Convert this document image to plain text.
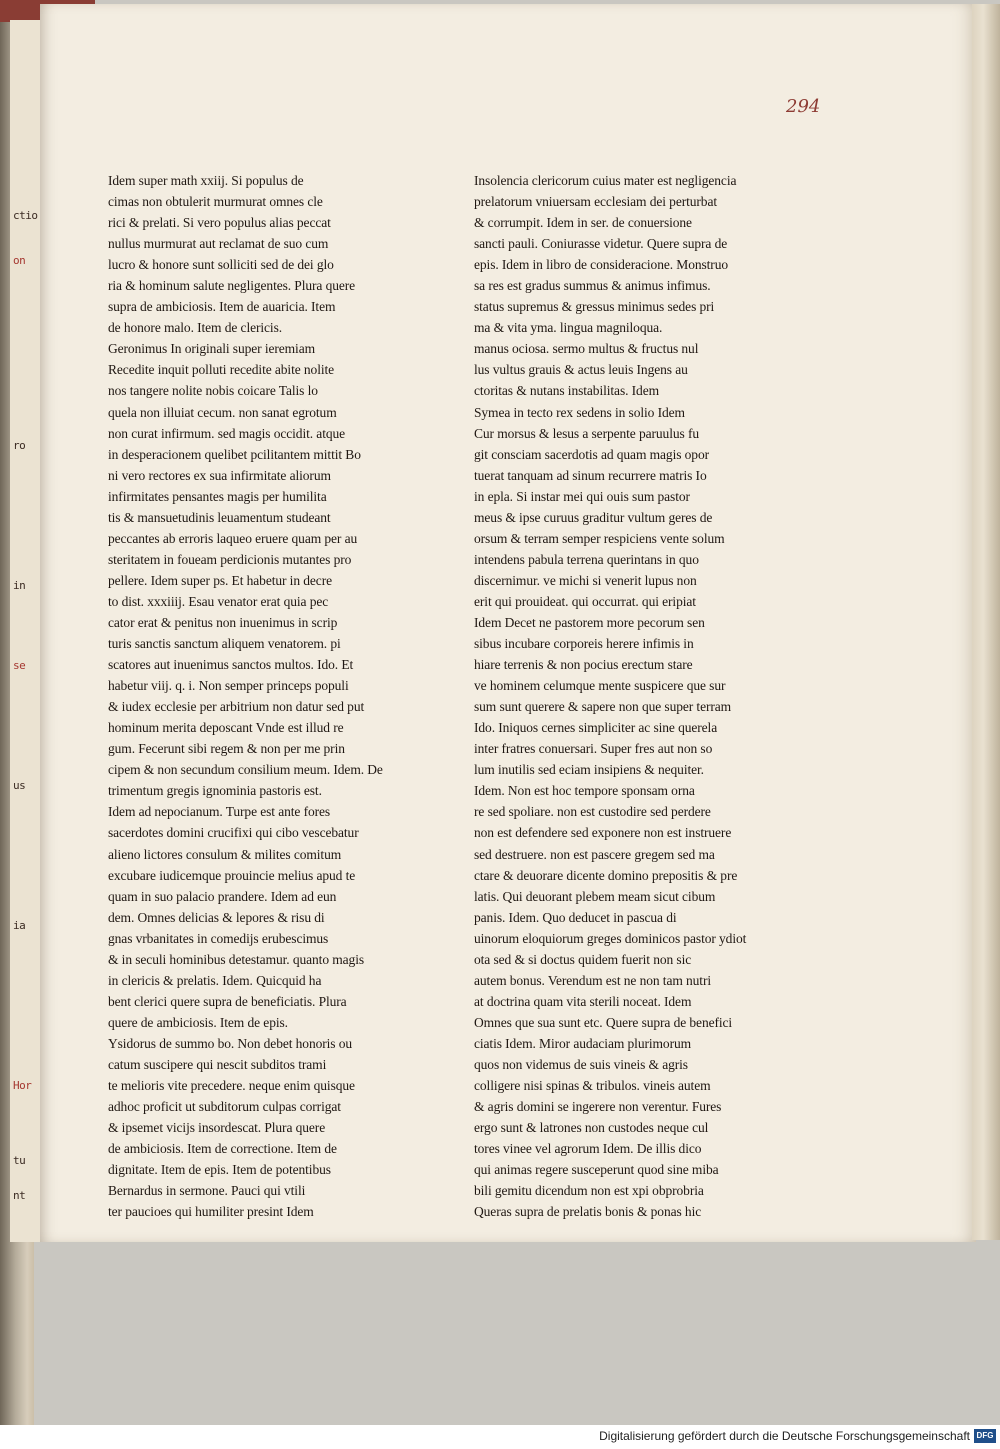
ctio
on
ro
in
se
us
ia
Hor
tu
nt
294
Idem super math xxiij. Si populus de
cimas non obtulerit murmurat omnes cle
rici & prelati. Si vero populus alias peccat
nullus murmurat aut reclamat de suo cum
lucro & honore sunt solliciti sed de dei glo
ria & hominum salute negligentes. Plura quere
supra de ambiciosis. Item de auaricia. Item
de honore malo. Item de clericis.
Geronimus In originali super ieremiam
Recedite inquit polluti recedite abite nolite
nos tangere nolite nobis coicare Talis lo
quela non illuiat cecum. non sanat egrotum
non curat infirmum. sed magis occidit. atque
in desperacionem quelibet pcilitantem mittit Bo
ni vero rectores ex sua infirmitate aliorum
infirmitates pensantes magis per humilita
tis & mansuetudinis leuamentum studeant
peccantes ab erroris laqueo eruere quam per au
steritatem in foueam perdicionis mutantes pro
pellere. Idem super ps. Et habetur in decre
to dist. xxxiiij. Esau venator erat quia pec
cator erat & penitus non inuenimus in scrip
turis sanctis sanctum aliquem venatorem. pi
scatores aut inuenimus sanctos multos. Ido. Et
habetur viij. q. i. Non semper princeps populi
& iudex ecclesie per arbitrium non datur sed put
hominum merita deposcant Vnde est illud re
gum. Fecerunt sibi regem & non per me prin
cipem & non secundum consilium meum. Idem. De
trimentum gregis ignominia pastoris est.
Idem ad nepocianum. Turpe est ante fores
sacerdotes domini crucifixi qui cibo vescebatur
alieno lictores consulum & milites comitum
excubare iudicemque prouincie melius apud te
quam in suo palacio prandere. Idem ad eun
dem. Omnes delicias & lepores & risu di
gnas vrbanitates in comedijs erubescimus
& in seculi hominibus detestamur. quanto magis
in clericis & prelatis. Idem. Quicquid ha
bent clerici quere supra de beneficiatis. Plura
quere de ambiciosis. Item de epis.
Ysidorus de summo bo. Non debet honoris ou
catum suscipere qui nescit subditos trami
te melioris vite precedere. neque enim quisque
adhoc proficit ut subditorum culpas corrigat
& ipsemet vicijs insordescat. Plura quere
de ambiciosis. Item de correctione. Item de
dignitate. Item de epis. Item de potentibus
Bernardus in sermone. Pauci qui vtili
ter paucioes qui humiliter presint Idem
Insolencia clericorum cuius mater est negligencia
prelatorum vniuersam ecclesiam dei perturbat
& corrumpit. Idem in ser. de conuersione
sancti pauli. Coniurasse videtur. Quere supra de
epis. Idem in libro de consideracione. Monstruo
sa res est gradus summus & animus infimus.
status supremus & gressus minimus sedes pri
ma & vita yma. lingua magniloqua.
manus ociosa. sermo multus & fructus nul
lus vultus grauis & actus leuis Ingens au
ctoritas & nutans instabilitas. Idem
Symea in tecto rex sedens in solio Idem
Cur morsus & lesus a serpente paruulus fu
git consciam sacerdotis ad quam magis opor
tuerat tanquam ad sinum recurrere matris Io
in epla. Si instar mei qui ouis sum pastor
meus & ipse curuus graditur vultum geres de
orsum & terram semper respiciens vente solum
intendens pabula terrena querintans in quo
discernimur. ve michi si venerit lupus non
erit qui prouideat. qui occurrat. qui eripiat
Idem Decet ne pastorem more pecorum sen
sibus incubare corporeis herere infimis in
hiare terrenis & non pocius erectum stare
ve hominem celumque mente suspicere que sur
sum sunt querere & sapere non que super terram
Ido. Iniquos cernes simpliciter ac sine querela
inter fratres conuersari. Super fres aut non so
lum inutilis sed eciam insipiens & nequiter.
Idem. Non est hoc tempore sponsam orna
re sed spoliare. non est custodire sed perdere
non est defendere sed exponere non est instruere
sed destruere. non est pascere gregem sed ma
ctare & deuorare dicente domino prepositis & pre
latis. Qui deuorant plebem meam sicut cibum
panis. Idem. Quo deducet in pascua di
uinorum eloquiorum greges dominicos pastor ydiot
ota sed & si doctus quidem fuerit non sic
autem bonus. Verendum est ne non tam nutri
at doctrina quam vita sterili noceat. Idem
Omnes que sua sunt etc. Quere supra de benefici
ciatis Idem. Miror audaciam plurimorum
quos non videmus de suis vineis & agris
colligere nisi spinas & tribulos. vineis autem
& agris domini se ingerere non verentur. Fures
ergo sunt & latrones non custodes neque cul
tores vinee vel agrorum Idem. De illis dico
qui animas regere susceperunt quod sine miba
bili gemitu dicendum non est xpi obprobria
Queras supra de prelatis bonis & ponas hic
Digitalisierung gefördert durch die Deutsche Forschungsgemeinschaft DFG
